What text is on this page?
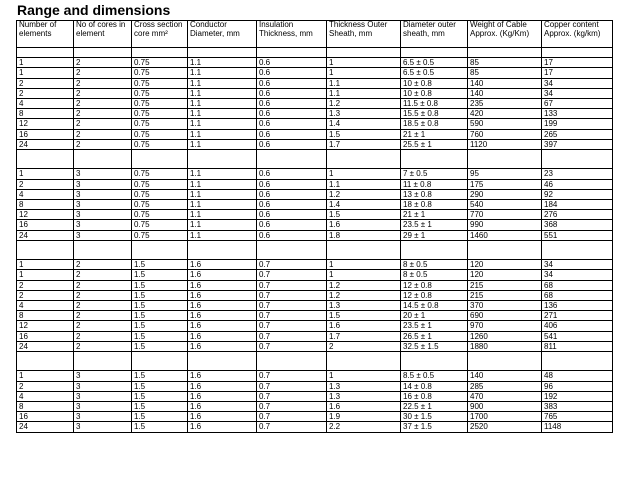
Range and dimensions
Number of elements	No of cores in element	Cross section core mm²	Conductor Diameter, mm	Insulation Thickness, mm	Thickness Outer Sheath, mm	Diameter outer sheath, mm	Weight of Cable Approx. (Kg/Km)	Copper content Approx. (kg/km)

1	2	0.75	1.1	0.6	1	6.5 ± 0.5	85	17
1	2	0.75	1.1	0.6	1	6.5 ± 0.5	85	17
2	2	0.75	1.1	0.6	1.1	10 ± 0.8	140	34
2	2	0.75	1.1	0.6	1.1	10 ± 0.8	140	34
4	2	0.75	1.1	0.6	1.2	11.5 ± 0.8	235	67
8	2	0.75	1.1	0.6	1.3	15.5 ± 0.8	420	133
12	2	0.75	1.1	0.6	1.4	18.5 ± 0.8	590	199
16	2	0.75	1.1	0.6	1.5	21 ± 1	760	265
24	2	0.75	1.1	0.6	1.7	25.5 ± 1	1120	397

1	3	0.75	1.1	0.6	1	7 ± 0.5	95	23
2	3	0.75	1.1	0.6	1.1	11 ± 0.8	175	46
4	3	0.75	1.1	0.6	1.2	13 ± 0.8	290	92
8	3	0.75	1.1	0.6	1.4	18 ± 0.8	540	184
12	3	0.75	1.1	0.6	1.5	21 ± 1	770	276
16	3	0.75	1.1	0.6	1.6	23.5 ± 1	990	368
24	3	0.75	1.1	0.6	1.8	29 ± 1	1460	551

1	2	1.5	1.6	0.7	1	8 ± 0.5	120	34
1	2	1.5	1.6	0.7	1	8 ± 0.5	120	34
2	2	1.5	1.6	0.7	1.2	12 ± 0.8	215	68
2	2	1.5	1.6	0.7	1.2	12 ± 0.8	215	68
4	2	1.5	1.6	0.7	1.3	14.5 ± 0.8	370	136
8	2	1.5	1.6	0.7	1.5	20 ± 1	690	271
12	2	1.5	1.6	0.7	1.6	23.5 ± 1	970	406
16	2	1.5	1.6	0.7	1.7	26.5 ± 1	1260	541
24	2	1.5	1.6	0.7	2	32.5 ± 1.5	1880	811

1	3	1.5	1.6	0.7	1	8.5 ± 0.5	140	48
2	3	1.5	1.6	0.7	1.3	14 ± 0.8	285	96
4	3	1.5	1.6	0.7	1.3	16 ± 0.8	470	192
8	3	1.5	1.6	0.7	1.6	22.5 ± 1	900	383
16	3	1.5	1.6	0.7	1.9	30 ± 1.5	1700	765
24	3	1.5	1.6	0.7	2.2	37 ± 1.5	2520	1148
